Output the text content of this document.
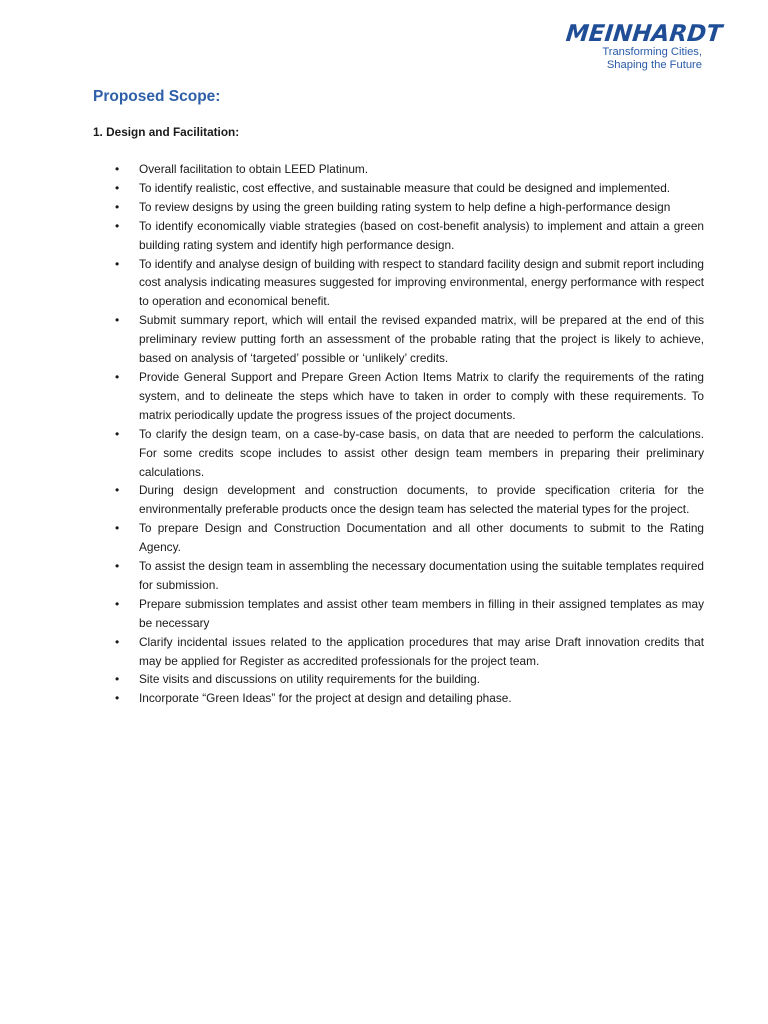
MEINHARDT
Transforming Cities,
Shaping the Future
Proposed Scope:
1. Design and Facilitation:
• Overall facilitation to obtain LEED Platinum.
• To identify realistic, cost effective, and sustainable measure that could be designed and implemented.
• To review designs by using the green building rating system to help define a high-performance design
• To identify economically viable strategies (based on cost-benefit analysis) to implement and attain a green building rating system and identify high performance design.
• To identify and analyse design of building with respect to standard facility design and submit report including cost analysis indicating measures suggested for improving environmental, energy performance with respect to operation and economical benefit.
• Submit summary report, which will entail the revised expanded matrix, will be prepared at the end of this preliminary review putting forth an assessment of the probable rating that the project is likely to achieve, based on analysis of ‘targeted’ possible or ‘unlikely’ credits.
• Provide General Support and Prepare Green Action Items Matrix to clarify the requirements of the rating system, and to delineate the steps which have to taken in order to comply with these requirements. To matrix periodically update the progress issues of the project documents.
• To clarify the design team, on a case-by-case basis, on data that are needed to perform the calculations. For some credits scope includes to assist other design team members in preparing their preliminary calculations.
• During design development and construction documents, to provide specification criteria for the environmentally preferable products once the design team has selected the material types for the project.
• To prepare Design and Construction Documentation and all other documents to submit to the Rating Agency.
• To assist the design team in assembling the necessary documentation using the suitable templates required for submission.
• Prepare submission templates and assist other team members in filling in their assigned templates as may be necessary
• Clarify incidental issues related to the application procedures that may arise Draft innovation credits that may be applied for Register as accredited professionals for the project team.
• Site visits and discussions on utility requirements for the building.
• Incorporate “Green Ideas” for the project at design and detailing phase.
